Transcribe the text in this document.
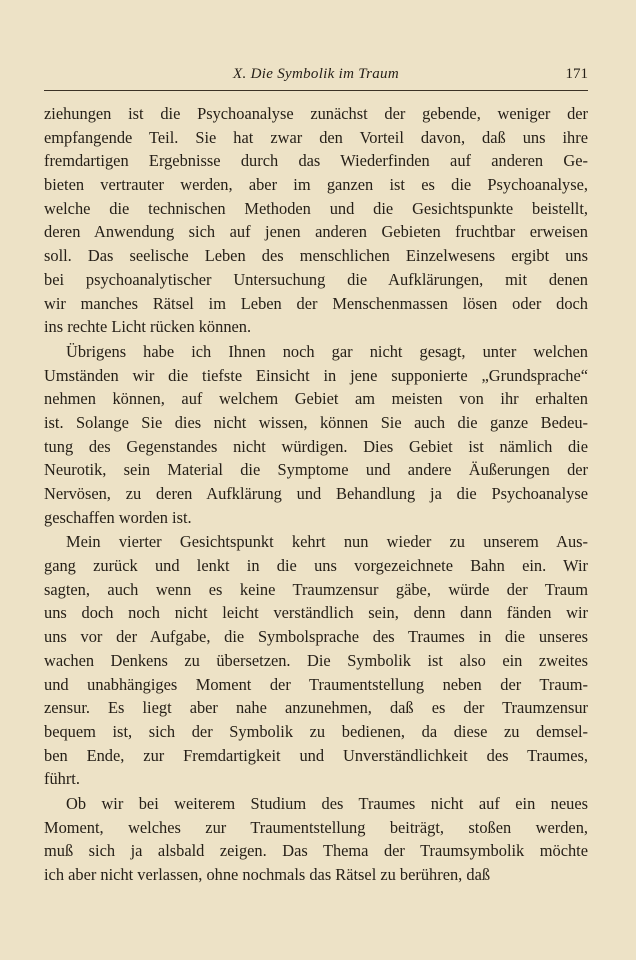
X. Die Symbolik im Traum	171
ziehungen ist die Psychoanalyse zunächst der gebende, weniger der
empfangende Teil. Sie hat zwar den Vorteil davon, daß uns ihre
fremdartigen Ergebnisse durch das Wiederfinden auf anderen Ge-
bieten vertrauter werden, aber im ganzen ist es die Psychoanalyse,
welche die technischen Methoden und die Gesichtspunkte beistellt,
deren Anwendung sich auf jenen anderen Gebieten fruchtbar erweisen
soll. Das seelische Leben des menschlichen Einzelwesens ergibt uns
bei psychoanalytischer Untersuchung die Aufklärungen, mit denen
wir manches Rätsel im Leben der Menschenmassen lösen oder doch
ins rechte Licht rücken können.
Übrigens habe ich Ihnen noch gar nicht gesagt, unter welchen
Umständen wir die tiefste Einsicht in jene supponierte „Grundsprache“
nehmen können, auf welchem Gebiet am meisten von ihr erhalten
ist. Solange Sie dies nicht wissen, können Sie auch die ganze Bedeu-
tung des Gegenstandes nicht würdigen. Dies Gebiet ist nämlich die
Neurotik, sein Material die Symptome und andere Äußerungen der
Nervösen, zu deren Aufklärung und Behandlung ja die Psychoanalyse
geschaffen worden ist.
Mein vierter Gesichtspunkt kehrt nun wieder zu unserem Aus-
gang zurück und lenkt in die uns vorgezeichnete Bahn ein. Wir
sagten, auch wenn es keine Traumzensur gäbe, würde der Traum
uns doch noch nicht leicht verständlich sein, denn dann fänden wir
uns vor der Aufgabe, die Symbolsprache des Traumes in die unseres
wachen Denkens zu übersetzen. Die Symbolik ist also ein zweites
und unabhängiges Moment der Traumentstellung neben der Traum-
zensur. Es liegt aber nahe anzunehmen, daß es der Traumzensur
bequem ist, sich der Symbolik zu bedienen, da diese zu demsel-
ben Ende, zur Fremdartigkeit und Unverständlichkeit des Traumes,
führt.
Ob wir bei weiterem Studium des Traumes nicht auf ein neues
Moment, welches zur Traumentstellung beiträgt, stoßen werden,
muß sich ja alsbald zeigen. Das Thema der Traumsymbolik möchte
ich aber nicht verlassen, ohne nochmals das Rätsel zu berühren, daß
